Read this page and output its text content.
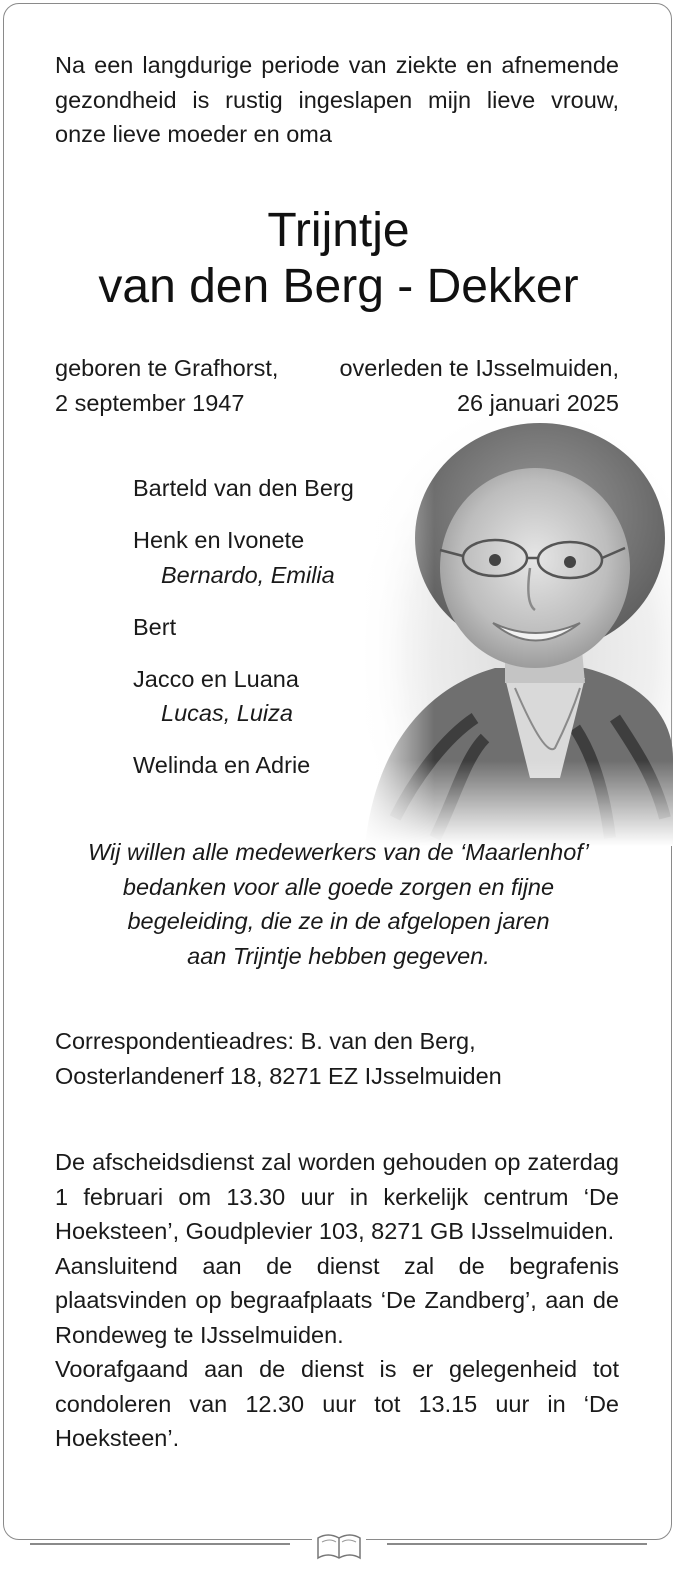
Na een langdurige periode van ziekte en afnemende gezondheid is rustig ingeslapen mijn lieve vrouw, onze lieve moeder en oma
Trijntje
van den Berg - Dekker
geboren te Grafhorst,
2 september 1947
overleden te IJsselmuiden,
26 januari 2025
Barteld van den Berg
Henk en Ivonete
Bernardo, Emilia
Bert
Jacco en Luana
Lucas, Luiza
Welinda en Adrie
Wij willen alle medewerkers van de ‘Maarlenhof’
bedanken voor alle goede zorgen en fijne
begeleiding, die ze in de afgelopen jaren
aan Trijntje hebben gegeven.
Correspondentieadres: B. van den Berg,
Oosterlandenerf 18, 8271 EZ IJsselmuiden

De afscheidsdienst zal worden gehouden op zaterdag 1 februari om 13.30 uur in kerkelijk centrum ‘De Hoeksteen’, Goudplevier 103, 8271 GB IJsselmuiden.

Aansluitend aan de dienst zal de begrafenis plaatsvinden op begraafplaats ‘De Zandberg’, aan de Rondeweg te IJsselmuiden.

Voorafgaand aan de dienst is er gelegenheid tot condoleren van 12.30 uur tot 13.15 uur in ‘De Hoeksteen’.
